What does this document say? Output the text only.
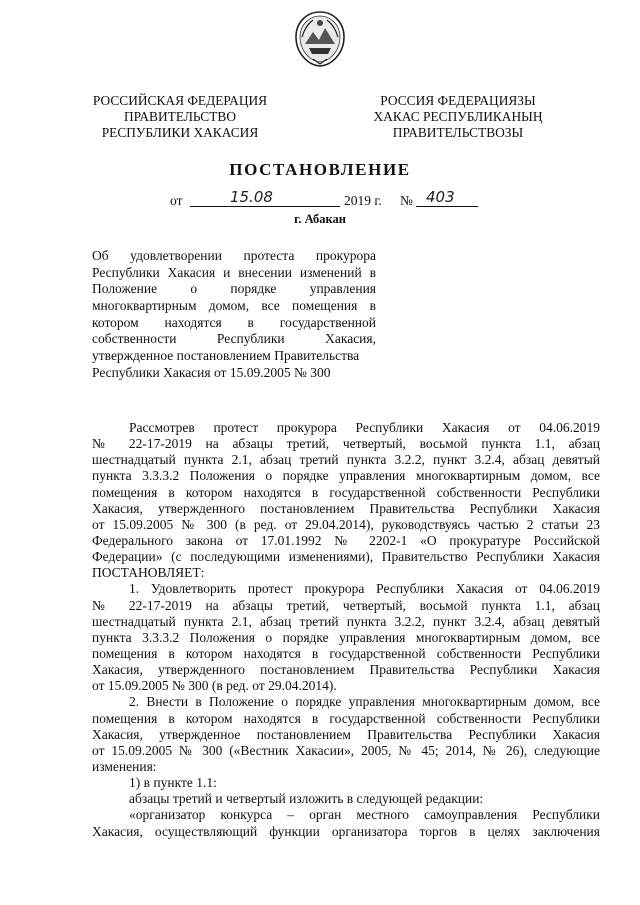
РОССИЙСКАЯ ФЕДЕРАЦИЯ
ПРАВИТЕЛЬСТВО
РЕСПУБЛИКИ ХАКАСИЯ
РОССИЯ ФЕДЕРАЦИЯЗЫ
ХАКАС РЕСПУБЛИКАНЫҢ
ПРАВИТЕЛЬСТВОЗЫ
ПОСТАНОВЛЕНИЕ
от	15.08	2019 г. № 403
г. Абакан
Об удовлетворении протеста прокурора
Республики Хакасия и внесении изменений в
Положение о порядке управления
многоквартирным домом, все помещения в
котором находятся в государственной
собственности Республики Хакасия,
утвержденное постановлением Правительства
Республики Хакасия от 15.09.2005 № 300
Рассмотрев протест прокурора Республики Хакасия от 04.06.2019
№ 22-17-2019 на абзацы третий, четвертый, восьмой пункта 1.1, абзац
шестнадцатый пункта 2.1, абзац третий пункта 3.2.2, пункт 3.2.4, абзац девятый
пункта 3.3.3.2 Положения о порядке управления многоквартирным домом, все
помещения в котором находятся в государственной собственности Республики
Хакасия, утвержденного постановлением Правительства Республики Хакасия
от 15.09.2005 № 300 (в ред. от 29.04.2014), руководствуясь частью 2 статьи 23
Федерального закона от 17.01.1992 № 2202-1 «О прокуратуре Российской
Федерации» (с последующими изменениями), Правительство Республики Хакасия
ПОСТАНОВЛЯЕТ:
1. Удовлетворить протест прокурора Республики Хакасия от 04.06.2019
№ 22-17-2019 на абзацы третий, четвертый, восьмой пункта 1.1, абзац
шестнадцатый пункта 2.1, абзац третий пункта 3.2.2, пункт 3.2.4, абзац девятый
пункта 3.3.3.2 Положения о порядке управления многоквартирным домом, все
помещения в котором находятся в государственной собственности Республики
Хакасия, утвержденного постановлением Правительства Республики Хакасия
от 15.09.2005 № 300 (в ред. от 29.04.2014).
2. Внести в Положение о порядке управления многоквартирным домом, все
помещения в котором находятся в государственной собственности Республики
Хакасия, утвержденное постановлением Правительства Республики Хакасия
от 15.09.2005 № 300 («Вестник Хакасии», 2005, № 45; 2014, № 26), следующие
изменения:
1) в пункте 1.1:
абзацы третий и четвертый изложить в следующей редакции:
«организатор конкурса – орган местного самоуправления Республики
Хакасия, осуществляющий функции организатора торгов в целях заключения
